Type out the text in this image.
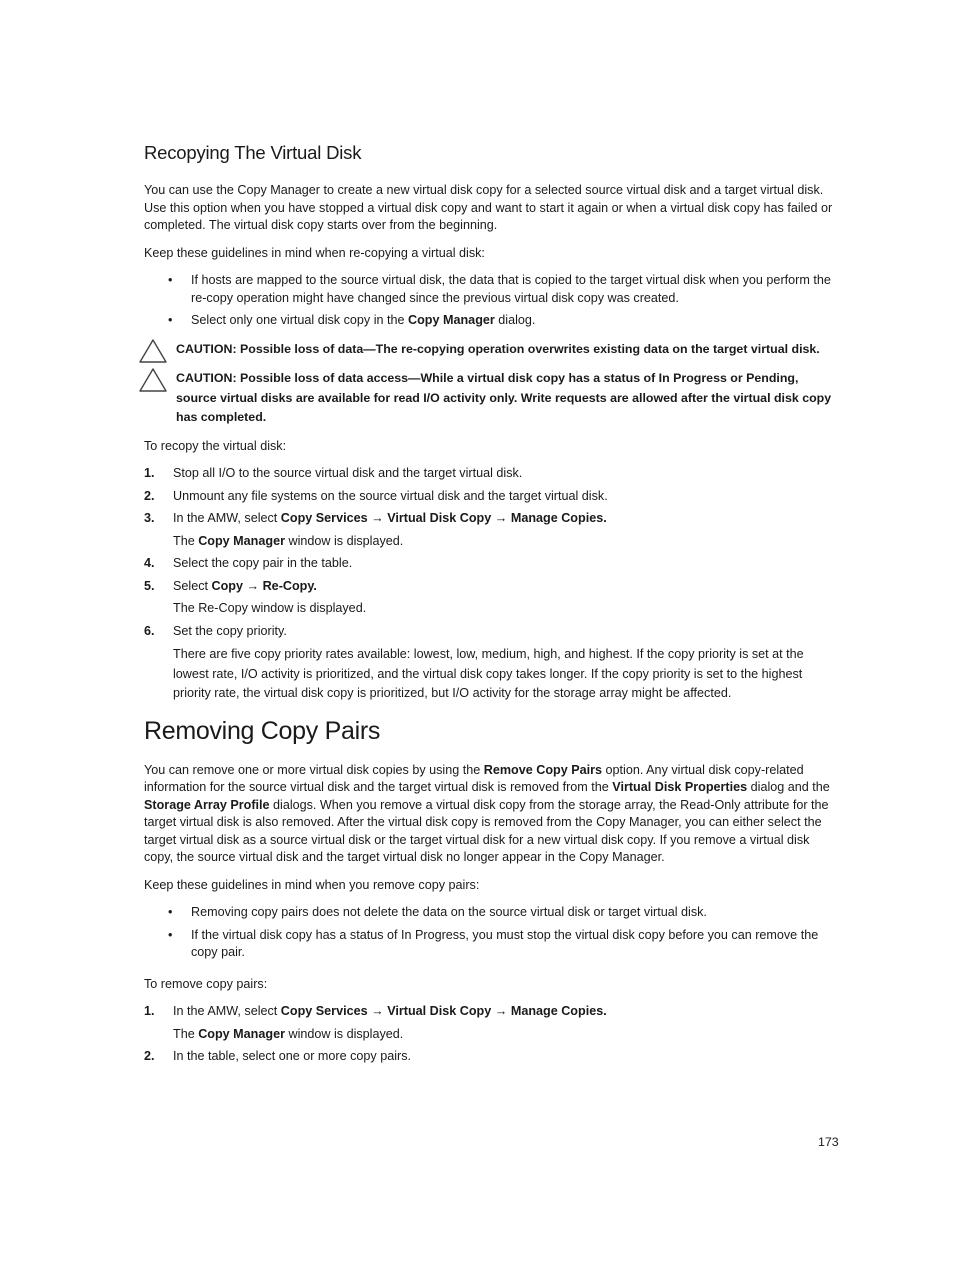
Recopying The Virtual Disk

You can use the Copy Manager to create a new virtual disk copy for a selected source virtual disk and a target virtual disk. Use this option when you have stopped a virtual disk copy and want to start it again or when a virtual disk copy has failed or completed. The virtual disk copy starts over from the beginning.

Keep these guidelines in mind when re-copying a virtual disk:

• If hosts are mapped to the source virtual disk, the data that is copied to the target virtual disk when you perform the re-copy operation might have changed since the previous virtual disk copy was created.
• Select only one virtual disk copy in the Copy Manager dialog.
CAUTION: Possible loss of data—The re-copying operation overwrites existing data on the target virtual disk.
CAUTION: Possible loss of data access—While a virtual disk copy has a status of In Progress or Pending, source virtual disks are available for read I/O activity only. Write requests are allowed after the virtual disk copy has completed.

To recopy the virtual disk:

1. Stop all I/O to the source virtual disk and the target virtual disk.
2. Unmount any file systems on the source virtual disk and the target virtual disk.
3. In the AMW, select Copy Services → Virtual Disk Copy → Manage Copies.
The Copy Manager window is displayed.
4. Select the copy pair in the table.
5. Select Copy → Re-Copy.
The Re-Copy window is displayed.
6. Set the copy priority.
There are five copy priority rates available: lowest, low, medium, high, and highest. If the copy priority is set at the lowest rate, I/O activity is prioritized, and the virtual disk copy takes longer. If the copy priority is set to the highest priority rate, the virtual disk copy is prioritized, but I/O activity for the storage array might be affected.
Removing Copy Pairs

You can remove one or more virtual disk copies by using the Remove Copy Pairs option. Any virtual disk copy-related information for the source virtual disk and the target virtual disk is removed from the Virtual Disk Properties dialog and the Storage Array Profile dialogs. When you remove a virtual disk copy from the storage array, the Read-Only attribute for the target virtual disk is also removed. After the virtual disk copy is removed from the Copy Manager, you can either select the target virtual disk as a source virtual disk or the target virtual disk for a new virtual disk copy. If you remove a virtual disk copy, the source virtual disk and the target virtual disk no longer appear in the Copy Manager.

Keep these guidelines in mind when you remove copy pairs:

• Removing copy pairs does not delete the data on the source virtual disk or target virtual disk.
• If the virtual disk copy has a status of In Progress, you must stop the virtual disk copy before you can remove the copy pair.

To remove copy pairs:

1. In the AMW, select Copy Services → Virtual Disk Copy → Manage Copies.
The Copy Manager window is displayed.
2. In the table, select one or more copy pairs.
173
